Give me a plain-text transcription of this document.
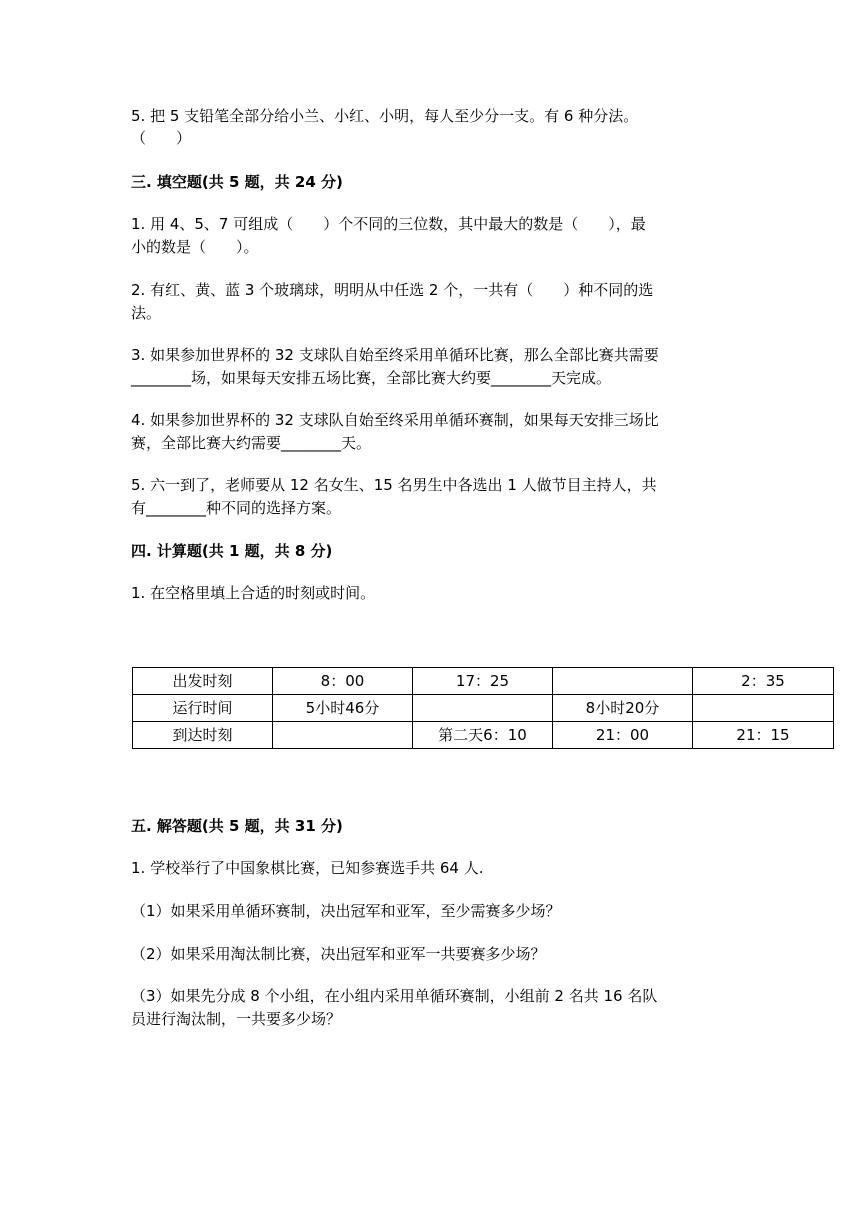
5. 把 5 支铅笔全部分给小兰、小红、小明，每人至少分一支。有 6 种分法。
（　　）
三. 填空题(共 5 题，共 24 分)
1. 用 4、5、7 可组成（　　）个不同的三位数，其中最大的数是（　　），最
小的数是（　　）。
2. 有红、黄、蓝 3 个玻璃球，明明从中任选 2 个，一共有（　　）种不同的选
法。
3. 如果参加世界杯的 32 支球队自始至终采用单循环比赛，那么全部比赛共需要
________场，如果每天安排五场比赛，全部比赛大约要________天完成。
4. 如果参加世界杯的 32 支球队自始至终采用单循环赛制，如果每天安排三场比
赛，全部比赛大约需要________天。
5. 六一到了，老师要从 12 名女生、15 名男生中各选出 1 人做节目主持人，共
有________种不同的选择方案。
四. 计算题(共 1 题，共 8 分)
1. 在空格里填上合适的时刻或时间。
出发时刻	8：00	17：25		2：35
运行时间	5小时46分		8小时20分	
到达时刻		第二天6：10	21：00	21：15
五. 解答题(共 5 题，共 31 分)
1. 学校举行了中国象棋比赛，已知参赛选手共 64 人.
（1）如果采用单循环赛制，决出冠军和亚军，至少需赛多少场？
（2）如果采用淘汰制比赛，决出冠军和亚军一共要赛多少场？
（3）如果先分成 8 个小组，在小组内采用单循环赛制，小组前 2 名共 16 名队
员进行淘汰制，一共要多少场？
